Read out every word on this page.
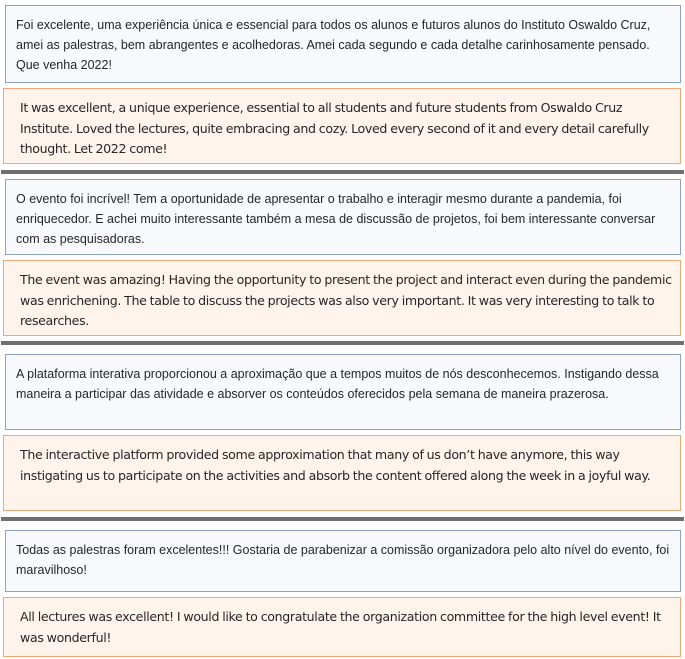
Foi excelente, uma experiência única e essencial para todos os alunos e futuros alunos do Instituto Oswaldo Cruz, amei as palestras, bem abrangentes e acolhedoras. Amei cada segundo e cada detalhe carinhosamente pensado. Que venha 2022!
It was excellent, a unique experience, essential to all students and future students from Oswaldo Cruz Institute. Loved the lectures, quite embracing and cozy. Loved every second of it and every detail carefully thought. Let 2022 come!
O evento foi incrível! Tem a oportunidade de apresentar o trabalho e interagir mesmo durante a pandemia, foi enriquecedor. E achei muito interessante também a mesa de discussão de projetos, foi bem interessante conversar com as pesquisadoras.
The event was amazing! Having the opportunity to present the project and interact even during the pandemic was enrichening. The table to discuss the projects was also very important. It was very interesting to talk to researches.
A plataforma interativa proporcionou a aproximação que a tempos muitos de nós desconhecemos. Instigando dessa maneira a participar das atividade e absorver os conteúdos oferecidos pela semana de maneira prazerosa.
The interactive platform provided some approximation that many of us don’t have anymore, this way instigating us to participate on the activities and absorb the content offered along the week in a joyful way.
Todas as palestras foram excelentes!!! Gostaria de parabenizar a comissão organizadora pelo alto nível do evento, foi maravilhoso!
All lectures was excellent! I would like to congratulate the organization committee for the high level event! It was wonderful!
